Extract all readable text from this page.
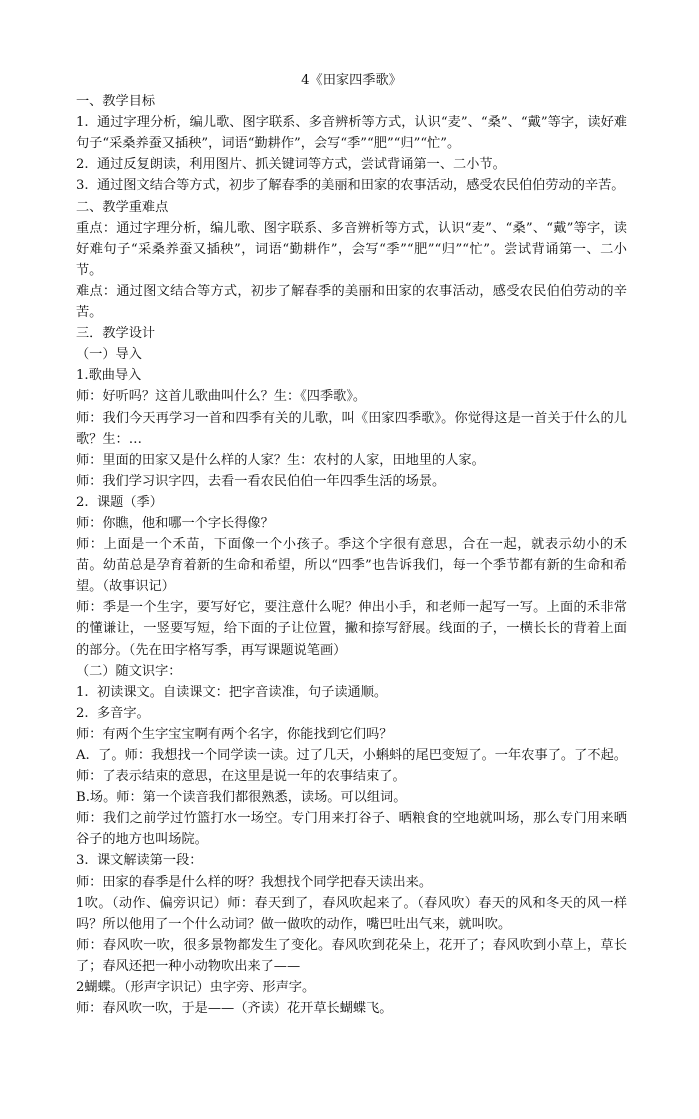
4《田家四季歌》
一、教学目标
1.  通过字理分析，编儿歌、图字联系、多音辨析等方式，认识“麦”、“桑”、“戴”等字，读好难句子“采桑养蚕又插秧”，词语“勤耕作”，会写“季”“肥”“归”“忙”。
2.  通过反复朗读，利用图片、抓关键词等方式，尝试背诵第一、二小节。
3.  通过图文结合等方式，初步了解春季的美丽和田家的农事活动，感受农民伯伯劳动的辛苦。
二、教学重难点
重点：通过字理分析，编儿歌、图字联系、多音辨析等方式，认识“麦”、“桑”、“戴”等字，读好难句子“采桑养蚕又插秧”，词语“勤耕作”，会写“季”“肥”“归”“忙”。尝试背诵第一、二小节。
难点：通过图文结合等方式，初步了解春季的美丽和田家的农事活动，感受农民伯伯劳动的辛苦。
三．教学设计
（一）导入
1.歌曲导入
师：好听吗？这首儿歌曲叫什么？生：《四季歌》。
师：我们今天再学习一首和四季有关的儿歌，叫《田家四季歌》。你觉得这是一首关于什么的儿歌？生：…
师：里面的田家又是什么样的人家？生：农村的人家，田地里的人家。
师：我们学习识字四，去看一看农民伯伯一年四季生活的场景。
2.  课题（季）
师：你瞧，他和哪一个字长得像？
师：上面是一个禾苗，下面像一个小孩子。季这个字很有意思，合在一起，就表示幼小的禾苗。幼苗总是孕育着新的生命和希望，所以“四季”也告诉我们，每一个季节都有新的生命和希望。（故事识记）
师：季是一个生字，要写好它，要注意什么呢？伸出小手，和老师一起写一写。上面的禾非常的懂谦让，一竖要写短，给下面的子让位置，撇和捺写舒展。线面的子，一横长长的背着上面的部分。（先在田字格写季，再写课题说笔画）
（二）随文识字：
1.  初读课文。自读课文：把字音读准，句子读通顺。
2.  多音字。
师：有两个生字宝宝啊有两个名字，你能找到它们吗？
A.  了。师：我想找一个同学读一读。过了几天，小蝌蚪的尾巴变短了。一年农事了。了不起。师：了表示结束的意思，在这里是说一年的农事结束了。
B.场。师：第一个读音我们都很熟悉，读场。可以组词。
师：我们之前学过竹篮打水一场空。专门用来打谷子、晒粮食的空地就叫场，那么专门用来晒谷子的地方也叫场院。
3.  课文解读第一段：
师：田家的春季是什么样的呀？我想找个同学把春天读出来。
1吹。（动作、偏旁识记）师：春天到了，春风吹起来了。（春风吹）春天的风和冬天的风一样吗？所以他用了一个什么动词？做一做吹的动作，嘴巴吐出气来，就叫吹。
师：春风吹一吹，很多景物都发生了变化。春风吹到花朵上，花开了；春风吹到小草上，草长了；春风还把一种小动物吹出来了——
2蝴蝶。（形声字识记）虫字旁、形声字。
师：春风吹一吹，于是——（齐读）花开草长蝴蝶飞。
